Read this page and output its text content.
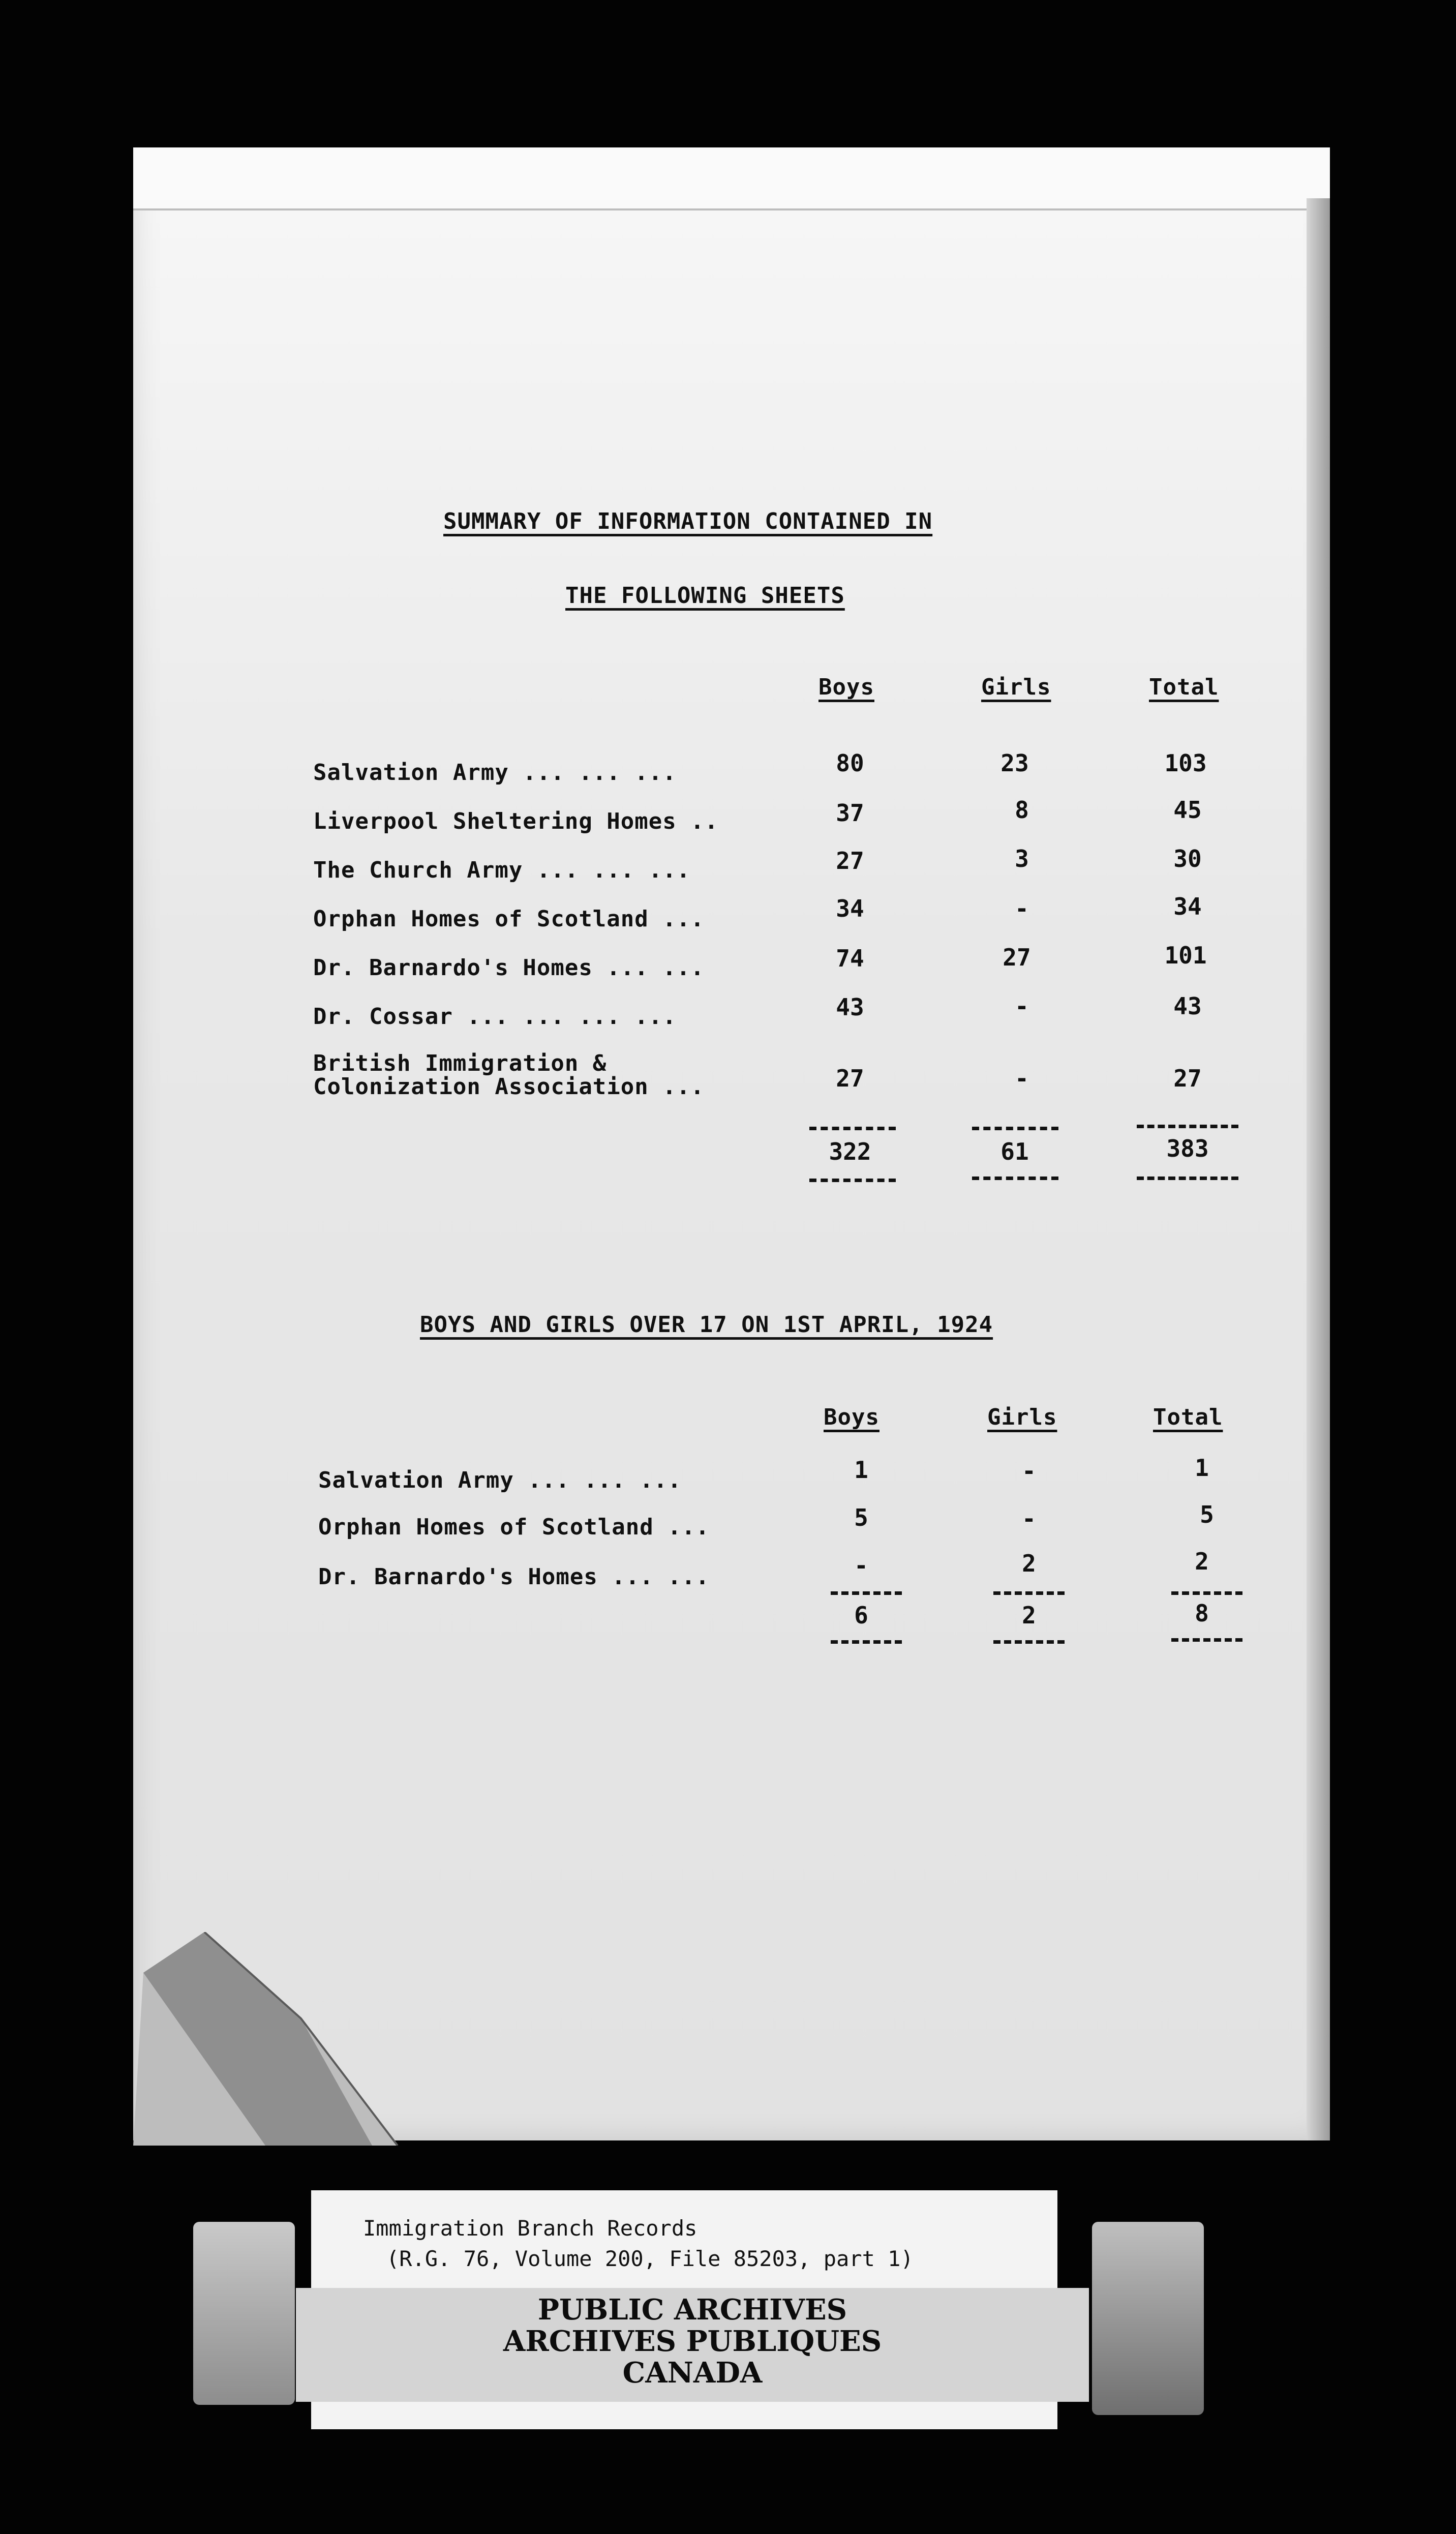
SUMMARY OF INFORMATION CONTAINED IN
THE FOLLOWING SHEETS
Boys	Girls	Total
Salvation Army ... ... ...	80	23	103
Liverpool Sheltering Homes ..	37	8	45
The Church Army ... ... ...	27	3	30
Orphan Homes of Scotland ...	34	-	34
Dr. Barnardo's Homes ... ...	74	27	101
Dr. Cossar ... ... ... ...	43	-	43
British Immigration &
Colonization Association ...	27	-	27
322	61	383
BOYS AND GIRLS OVER 17 ON 1ST APRIL, 1924
Boys	Girls	Total
Salvation Army ... ... ...	1	-	1
Orphan Homes of Scotland ...	5	-	5
Dr. Barnardo's Homes ... ...	-	2	2
6	2	8
Immigration Branch Records
(R.G. 76, Volume 200, File 85203, part 1)
PUBLIC ARCHIVES
ARCHIVES PUBLIQUES
CANADA
